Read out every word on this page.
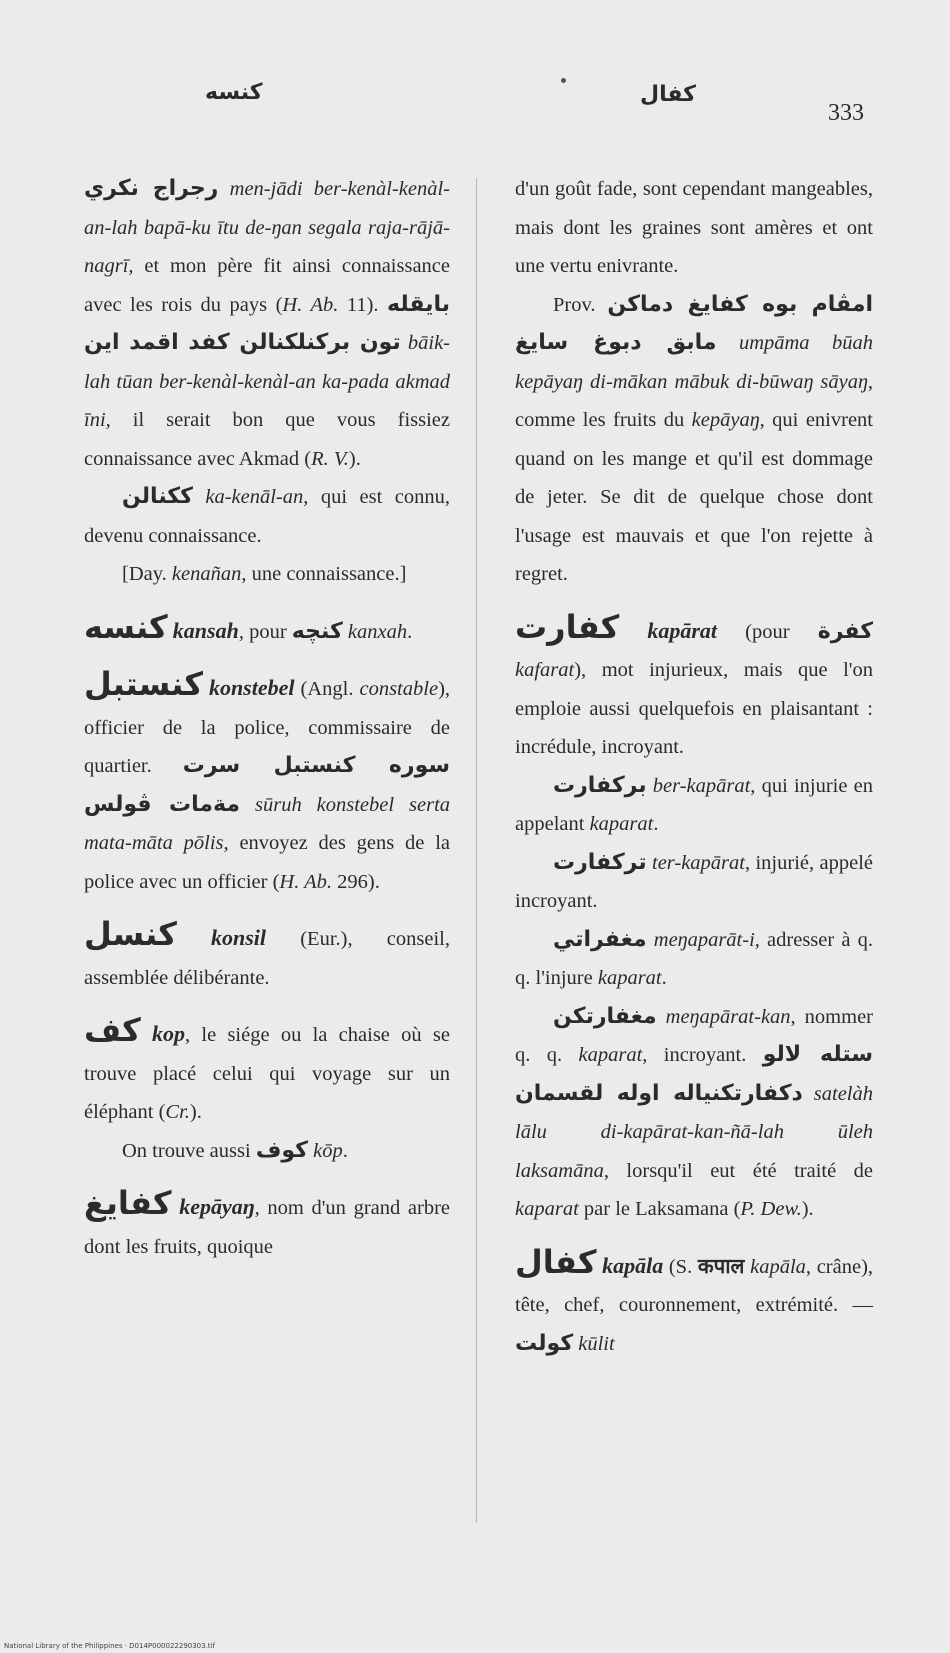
كنسه	كفال
333

رجراج نكري men-jādi ber-kenàl-kenàl-an-lah bapā-ku ītu de-ŋan segala raja-rājā-nagrī, et mon père fit ainsi connaissance avec les rois du pays (H. Ab. 11). بايقله تون بركنلكنالن كفد اقمد اين bāik-lah tūan ber-kenàl-kenàl-an ka-pada akmad īni, il serait bon que vous fissiez connaissance avec Akmad (R. V.).

ككنالن ka-kenāl-an, qui est connu, devenu connaissance.

[Day. kenañan, une connaissance.]

كنسه kansah, pour كنچه kanxah.

كنستبل konstebel (Angl. constable), officier de la police, commissaire de quartier. سوره كنستبل سرت مةمات ڤولس sūruh konstebel serta mata-māta pōlis, envoyez des gens de la police avec un officier (H. Ab. 296).

كنسل konsil (Eur.), conseil, assemblée délibérante.

كف kop, le siége ou la chaise où se trouve placé celui qui voyage sur un éléphant (Cr.).

On trouve aussi كوف kōp.

كفايغ kepāyaŋ, nom d'un grand arbre dont les fruits, quoique

d'un goût fade, sont cependant mangeables, mais dont les graines sont amères et ont une vertu enivrante.

Prov. امڤام بوه كفايغ دماكن مابق دبوغ سايغ umpāma būah kepāyaŋ di-mākan mābuk di-būwaŋ sāyaŋ, comme les fruits du kepāyaŋ, qui enivrent quand on les mange et qu'il est dommage de jeter. Se dit de quelque chose dont l'usage est mauvais et que l'on rejette à regret.

كفارت kapārat (pour كفرة kafarat), mot injurieux, mais que l'on emploie aussi quelquefois en plaisantant : incrédule, incroyant.

بركفارت ber-kapārat, qui injurie en appelant kaparat.

تركفارت ter-kapārat, injurié, appelé incroyant.

مغفراتي meŋaparāt-i, adresser à q. q. l'injure kaparat.

مغفارتكن meŋapārat-kan, nommer q. q. kaparat, incroyant. ستله لالو دكفارتكنياله اوله لقسمان satelàh lālu di-kapārat-kan-ñā-lah ūleh laksamāna, lorsqu'il eut été traité de kaparat par le Laksamana (P. Dew.).

كفال kapāla (S. कपाल kapāla, crâne), tête, chef, couronnement, extrémité. — كولت kūlit

National Library of the Philippines · D014P000022290303.tif
